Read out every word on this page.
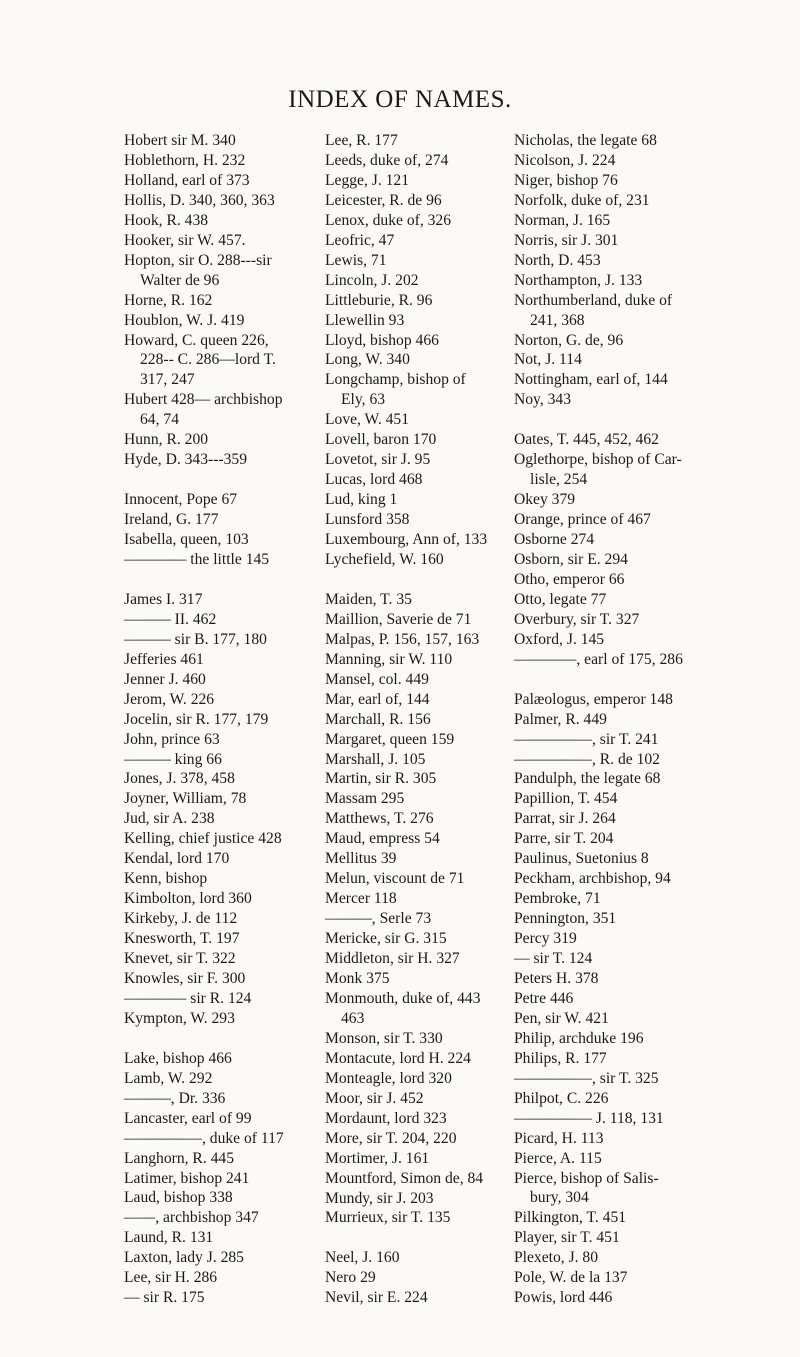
INDEX OF NAMES.
Hobert sir M. 340
Hoblethorn, H. 232
Holland, earl of 373
Hollis, D. 340, 360, 363
Hook, R. 438
Hooker, sir W. 457.
Hopton, sir O. 288---sir
Walter de 96
Horne, R. 162
Houblon, W. J. 419
Howard, C. queen 226,
228-- C. 286—lord T.
317, 247
Hubert 428— archbishop
64, 74
Hunn, R. 200
Hyde, D. 343---359
Innocent, Pope 67
Ireland, G. 177
Isabella, queen, 103
———— the little 145
James I. 317
——— II. 462
——— sir B. 177, 180
Jefferies 461
Jenner J. 460
Jerom, W. 226
Jocelin, sir R. 177, 179
John, prince 63
——— king 66
Jones, J. 378, 458
Joyner, William, 78
Jud, sir A. 238
Kelling, chief justice 428
Kendal, lord 170
Kenn, bishop
Kimbolton, lord 360
Kirkeby, J. de 112
Knesworth, T. 197
Knevet, sir T. 322
Knowles, sir F. 300
———— sir R. 124
Kympton, W. 293
Lake, bishop 466
Lamb, W. 292
———, Dr. 336
Lancaster, earl of 99
—————, duke of 117
Langhorn, R. 445
Latimer, bishop 241
Laud, bishop 338
——, archbishop 347
Laund, R. 131
Laxton, lady J. 285
Lee, sir H. 286
— sir R. 175
Lee, R. 177
Leeds, duke of, 274
Legge, J. 121
Leicester, R. de 96
Lenox, duke of, 326
Leofric, 47
Lewis, 71
Lincoln, J. 202
Littleburie, R. 96
Llewellin 93
Lloyd, bishop 466
Long, W. 340
Longchamp, bishop of
Ely, 63
Love, W. 451
Lovell, baron 170
Lovetot, sir J. 95
Lucas, lord 468
Lud, king 1
Lunsford 358
Luxembourg, Ann of, 133
Lychefield, W. 160
Maiden, T. 35
Maillion, Saverie de 71
Malpas, P. 156, 157, 163
Manning, sir W. 110
Mansel, col. 449
Mar, earl of, 144
Marchall, R. 156
Margaret, queen 159
Marshall, J. 105
Martin, sir R. 305
Massam 295
Matthews, T. 276
Maud, empress 54
Mellitus 39
Melun, viscount de 71
Mercer 118
———, Serle 73
Mericke, sir G. 315
Middleton, sir H. 327
Monk 375
Monmouth, duke of, 443
463
Monson, sir T. 330
Montacute, lord H. 224
Monteagle, lord 320
Moor, sir J. 452
Mordaunt, lord 323
More, sir T. 204, 220
Mortimer, J. 161
Mountford, Simon de, 84
Mundy, sir J. 203
Murrieux, sir T. 135
Neel, J. 160
Nero 29
Nevil, sir E. 224
Nicholas, the legate 68
Nicolson, J. 224
Niger, bishop 76
Norfolk, duke of, 231
Norman, J. 165
Norris, sir J. 301
North, D. 453
Northampton, J. 133
Northumberland, duke of
241, 368
Norton, G. de, 96
Not, J. 114
Nottingham, earl of, 144
Noy, 343
Oates, T. 445, 452, 462
Oglethorpe, bishop of Car-
lisle, 254
Okey 379
Orange, prince of 467
Osborne 274
Osborn, sir E. 294
Otho, emperor 66
Otto, legate 77
Overbury, sir T. 327
Oxford, J. 145
————, earl of 175, 286
Palæologus, emperor 148
Palmer, R. 449
—————, sir T. 241
—————, R. de 102
Pandulph, the legate 68
Papillion, T. 454
Parrat, sir J. 264
Parre, sir T. 204
Paulinus, Suetonius 8
Peckham, archbishop, 94
Pembroke, 71
Pennington, 351
Percy 319
— sir T. 124
Peters H. 378
Petre 446
Pen, sir W. 421
Philip, archduke 196
Philips, R. 177
—————, sir T. 325
Philpot, C. 226
————— J. 118, 131
Picard, H. 113
Pierce, A. 115
Pierce, bishop of Salis-
bury, 304
Pilkington, T. 451
Player, sir T. 451
Plexeto, J. 80
Pole, W. de la 137
Powis, lord 446
